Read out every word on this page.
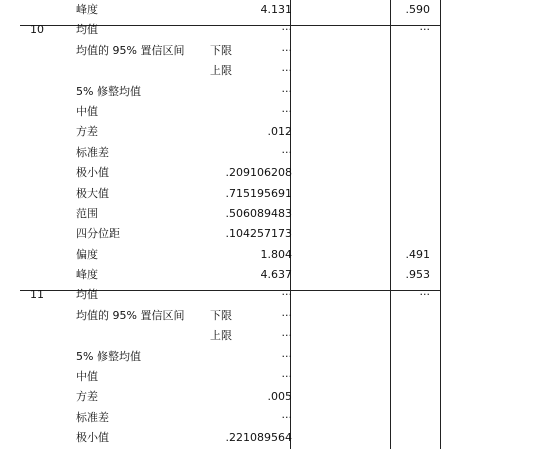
峰度	4.131	.590
10	均值	···	···
均值的 95% 置信区间 下限	···
上限	···
5% 修整均值	···
中值	···
方差	.012
标准差	···
极小值	.209106208
极大值	.715195691
范围	.506089483
四分位距	.104257173
偏度	1.804	.491
峰度	4.637	.953
11	均值	···	···
均值的 95% 置信区间 下限	···
上限	···
5% 修整均值	···
中值	···
方差	.005
标准差	···
极小值	.221089564
